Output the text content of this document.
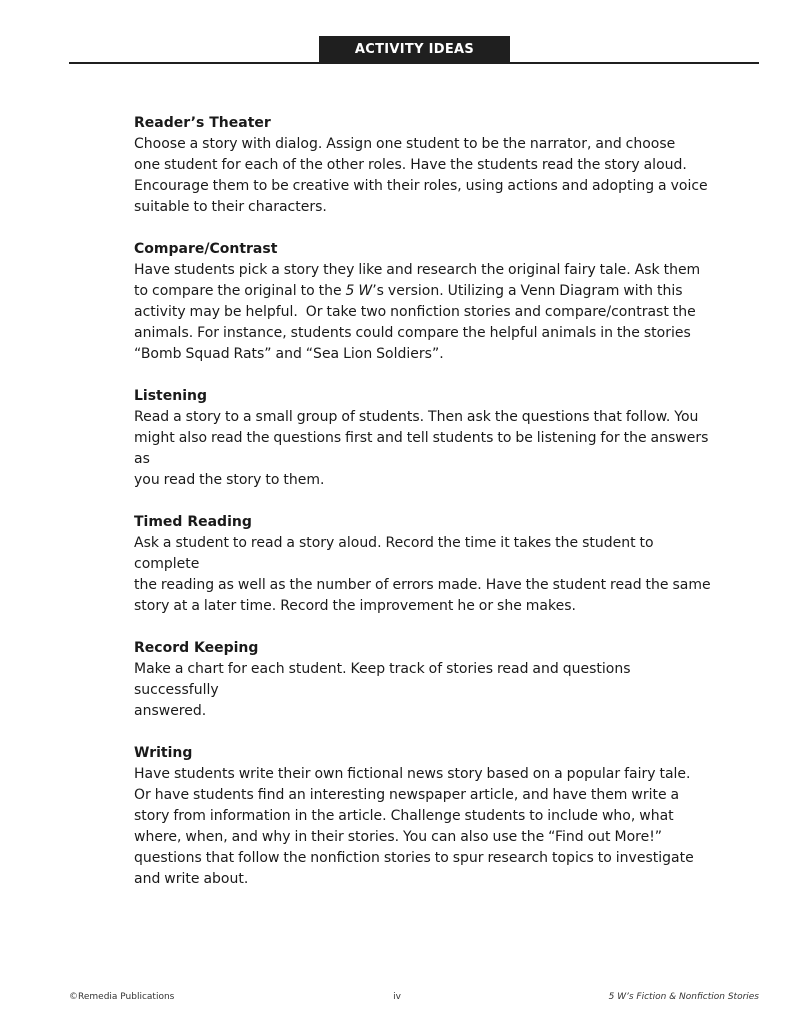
ACTIVITY IDEAS
Reader’s Theater
Choose a story with dialog. Assign one student to be the narrator, and choose
one student for each of the other roles. Have the students read the story aloud.
Encourage them to be creative with their roles, using actions and adopting a voice
suitable to their characters.
Compare/Contrast
Have students pick a story they like and research the original fairy tale. Ask them
to compare the original to the 5 W’s version. Utilizing a Venn Diagram with this
activity may be helpful.  Or take two nonfiction stories and compare/contrast the
animals. For instance, students could compare the helpful animals in the stories
“Bomb Squad Rats” and “Sea Lion Soldiers”.
Listening
Read a story to a small group of students. Then ask the questions that follow. You
might also read the questions first and tell students to be listening for the answers as
you read the story to them.
Timed Reading
Ask a student to read a story aloud. Record the time it takes the student to complete
the reading as well as the number of errors made. Have the student read the same
story at a later time. Record the improvement he or she makes.
Record Keeping
Make a chart for each student. Keep track of stories read and questions successfully
answered.
Writing
Have students write their own fictional news story based on a popular fairy tale.
Or have students find an interesting newspaper article, and have them write a
story from information in the article. Challenge students to include who, what
where, when, and why in their stories. You can also use the “Find out More!”
questions that follow the nonfiction stories to spur research topics to investigate
and write about.
©Remedia Publications	iv	5 W’s Fiction & Nonfiction Stories
